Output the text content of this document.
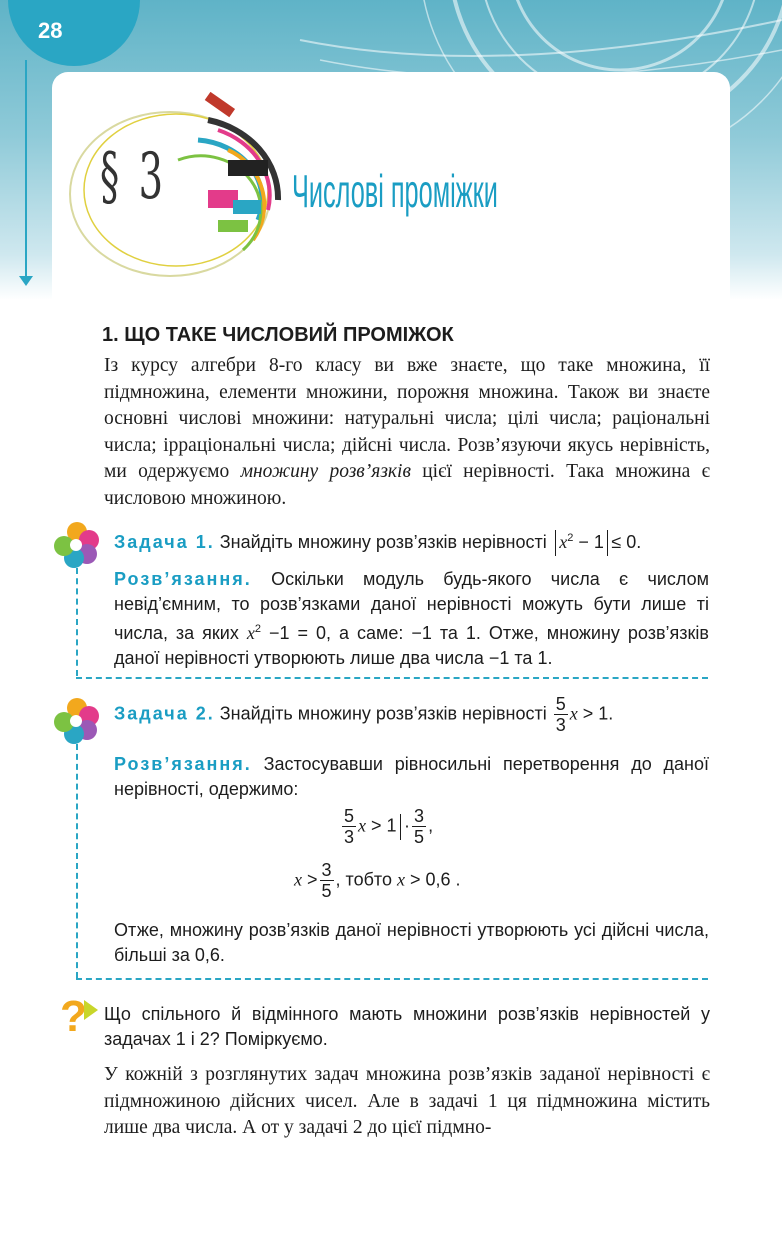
28
§ 3	Числові проміжки
1. ЩО ТАКЕ ЧИСЛОВИЙ ПРОМІЖОК
Із курсу алгебри 8-го класу ви вже знаєте, що таке множина, її підмножина, елементи множини, порожня множина. Також ви знаєте основні числові множини: натуральні числа; цілі числа; раціональні числа; ірраціональні числа; дійсні числа. Розв’язуючи якусь нерівність, ми одержуємо множину розв’язків цієї нерівності. Така множина є числовою множиною.
Задача 1. Знайдіть множину розв’язків нерівності $x^2 - 1 \le 0$.
Розв’язання. Оскільки модуль будь-якого числа є числом невід’ємним, то розв’язками даної нерівності можуть бути лише ті числа, за яких $x^2 -1 = 0$, а саме: −1 та 1. Отже, множину розв’язків даної нерівності утворюють лише два числа −1 та 1.
Задача 2. Знайдіть множину розв’язків нерівності $\frac{5}{3}$ x > 1.
Розв’язання. Застосувавши рівносильні перетворення до даної нерівності, одержимо:
$\frac{5}{3}$ $x > 1 \cdot \frac{3}{5}$ ,
$x > \frac{3}{5}$ , тобто x > 0,6 .
Отже, множину розв’язків даної нерівності утворюють усі дійсні числа, більші за 0,6.
? Що спільного й відмінного мають множини розв’язків нерівностей у задачах 1 і 2? Поміркуємо.
У кожній з розглянутих задач множина розв’язків заданої нерівності є підмножиною дійсних чисел. Але в задачі 1 ця підмножина містить лише два числа. А от у задачі 2 до цієї підмно-
